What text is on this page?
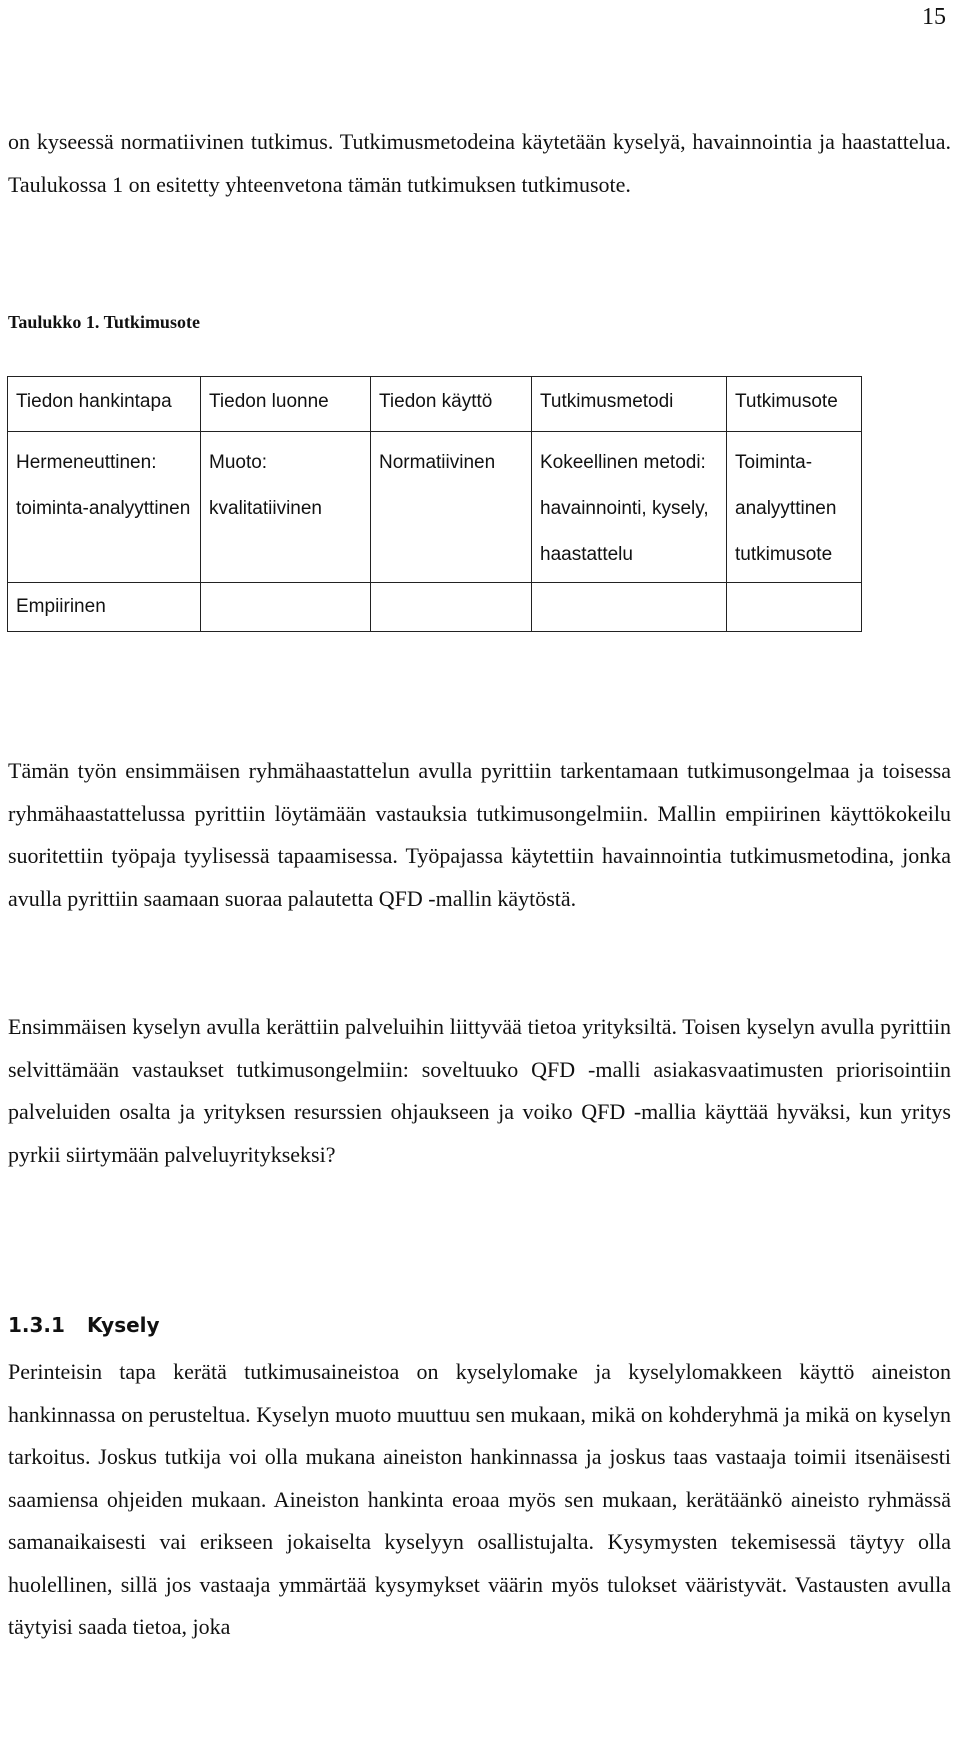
15

on kyseessä normatiivinen tutkimus. Tutkimusmetodeina käytetään kyselyä, havainnointia ja haastattelua. Taulukossa 1 on esitetty yhteenvetona tämän tutkimuksen tutkimusote.

Taulukko 1. Tutkimusote
Tiedon hankintapa	Tiedon luonne	Tiedon käyttö	Tutkimusmetodi	Tutkimusote
Hermeneuttinen: toiminta-analyyttinen	Muoto: kvalitatiivinen	Normatiivinen	Kokeellinen metodi: havainnointi, kysely, haastattelu	Toiminta-analyyttinen tutkimusote
Empiirinen				

Tämän työn ensimmäisen ryhmähaastattelun avulla pyrittiin tarkentamaan tutkimusongelmaa ja toisessa ryhmähaastattelussa pyrittiin löytämään vastauksia tutkimusongelmiin. Mallin empiirinen käyttökokeilu suoritettiin työpaja tyylisessä tapaamisessa. Työpajassa käytettiin havainnointia tutkimusmetodina, jonka avulla pyrittiin saamaan suoraa palautetta QFD -mallin käytöstä.

Ensimmäisen kyselyn avulla kerättiin palveluihin liittyvää tietoa yrityksiltä. Toisen kyselyn avulla pyrittiin selvittämään vastaukset tutkimusongelmiin: soveltuuko QFD -malli asiakasvaatimusten priorisointiin palveluiden osalta ja yrityksen resurssien ohjaukseen ja voiko QFD -mallia käyttää hyväksi, kun yritys pyrkii siirtymään palveluyritykseksi?

1.3.1 Kysely

Perinteisin tapa kerätä tutkimusaineistoa on kyselylomake ja kyselylomakkeen käyttö aineiston hankinnassa on perusteltua. Kyselyn muoto muuttuu sen mukaan, mikä on kohderyhmä ja mikä on kyselyn tarkoitus. Joskus tutkija voi olla mukana aineiston hankinnassa ja joskus taas vastaaja toimii itsenäisesti saamiensa ohjeiden mukaan. Aineiston hankinta eroaa myös sen mukaan, kerätäänkö aineisto ryhmässä samanaikaisesti vai erikseen jokaiselta kyselyyn osallistujalta. Kysymysten tekemisessä täytyy olla huolellinen, sillä jos vastaaja ymmärtää kysymykset väärin myös tulokset vääristyvät. Vastausten avulla täytyisi saada tietoa, joka
